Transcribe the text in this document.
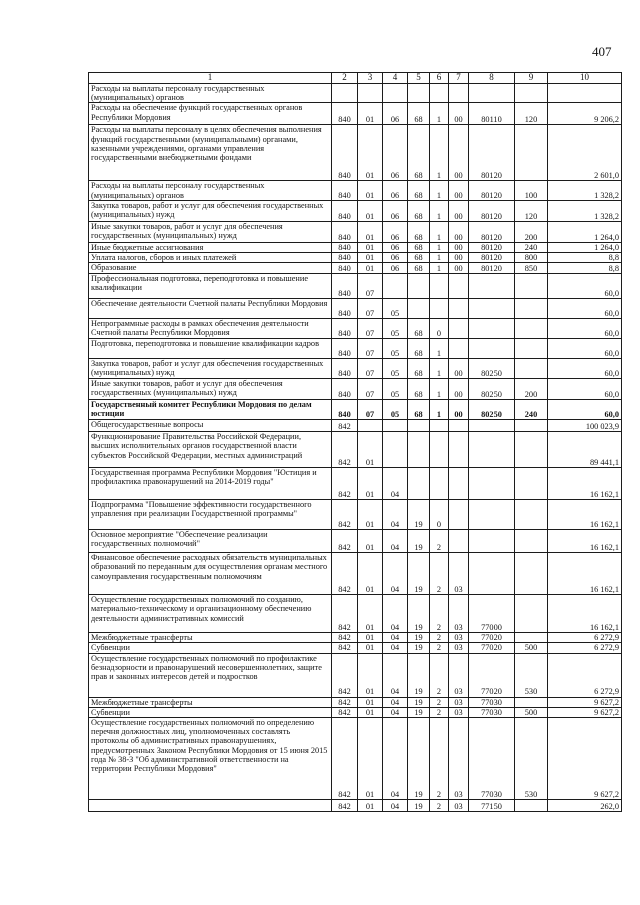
407
1	2	3	4	5	6	7	8	9	10
Расходы на выплаты персоналу государственных (муниципальных) органов									
Расходы на обеспечение функций государственных органов Республики Мордовия	840	01	06	68	1	00	80110	120	9 206,2
Расходы на выплаты персоналу в целях обеспечения выполнения функций государственными (муниципальными) органами, казенными учреждениями, органами управления государственными внебюджетными фондами	840	01	06	68	1	00	80120		2 601,0
Расходы на выплаты персоналу государственных (муниципальных) органов	840	01	06	68	1	00	80120	100	1 328,2
Закупка товаров, работ и услуг для обеспечения государственных (муниципальных) нужд	840	01	06	68	1	00	80120	120	1 328,2
Иные закупки товаров, работ и услуг для обеспечения государственных (муниципальных) нужд	840	01	06	68	1	00	80120	200	1 264,0
Иные бюджетные ассигнования	840	01	06	68	1	00	80120	240	1 264,0
Уплата налогов, сборов и иных платежей	840	01	06	68	1	00	80120	800	8,8
Образование	840	01	06	68	1	00	80120	850	8,8
Профессиональная подготовка, переподготовка и повышение квалификации	840	07							60,0
Обеспечение деятельности Счетной палаты Республики Мордовия	840	07	05						60,0
Непрограммные расходы в рамках обеспечения деятельности Счетной палаты Республики Мордовия	840	07	05	68	0				60,0
Подготовка, переподготовка и повышение квалификации кадров	840	07	05	68	1				60,0
Закупка товаров, работ и услуг для обеспечения государственных (муниципальных) нужд	840	07	05	68	1	00	80250		60,0
Иные закупки товаров, работ и услуг для обеспечения государственных (муниципальных) нужд	840	07	05	68	1	00	80250	200	60,0
Государственный комитет Республики Мордовия по делам юстиции	840	07	05	68	1	00	80250	240	60,0
Общегосударственные вопросы	842								100 023,9
Функционирование Правительства Российской Федерации, высших исполнительных органов государственной власти субъектов Российской Федерации, местных администраций	842	01							89 441,1
Государственная программа Республики Мордовия "Юстиция и профилактика правонарушений на 2014-2019 годы"	842	01	04						16 162,1
Подпрограмма "Повышение эффективности государственного управления при реализации Государственной программы"	842	01	04	19	0				16 162,1
Основное мероприятие "Обеспечение реализации государственных полномочий"	842	01	04	19	2				16 162,1
Финансовое обеспечение расходных обязательств муниципальных образований по переданным для осуществления органам местного самоуправления государственным полномочиям	842	01	04	19	2	03			16 162,1
Осуществление государственных полномочий по созданию, материально-техническому и организационному обеспечению деятельности административных комиссий	842	01	04	19	2	03	77000		16 162,1
Межбюджетные трансферты	842	01	04	19	2	03	77020		6 272,9
Субвенции	842	01	04	19	2	03	77020	500	6 272,9
Осуществление государственных полномочий по профилактике безнадзорности и правонарушений несовершеннолетних, защите прав и законных интересов детей и подростков	842	01	04	19	2	03	77020	530	6 272,9
Межбюджетные трансферты	842	01	04	19	2	03	77030		9 627,2
Субвенции	842	01	04	19	2	03	77030	500	9 627,2
Осуществление государственных полномочий по определению перечня должностных лиц, уполномоченных составлять протоколы об административных правонарушениях, предусмотренных Законом Республики Мордовия от 15 июня 2015 года № 38-З "Об административной ответственности на территории Республики Мордовия"	842	01	04	19	2	03	77030	530	9 627,2
	842	01	04	19	2	03	77150		262,0
